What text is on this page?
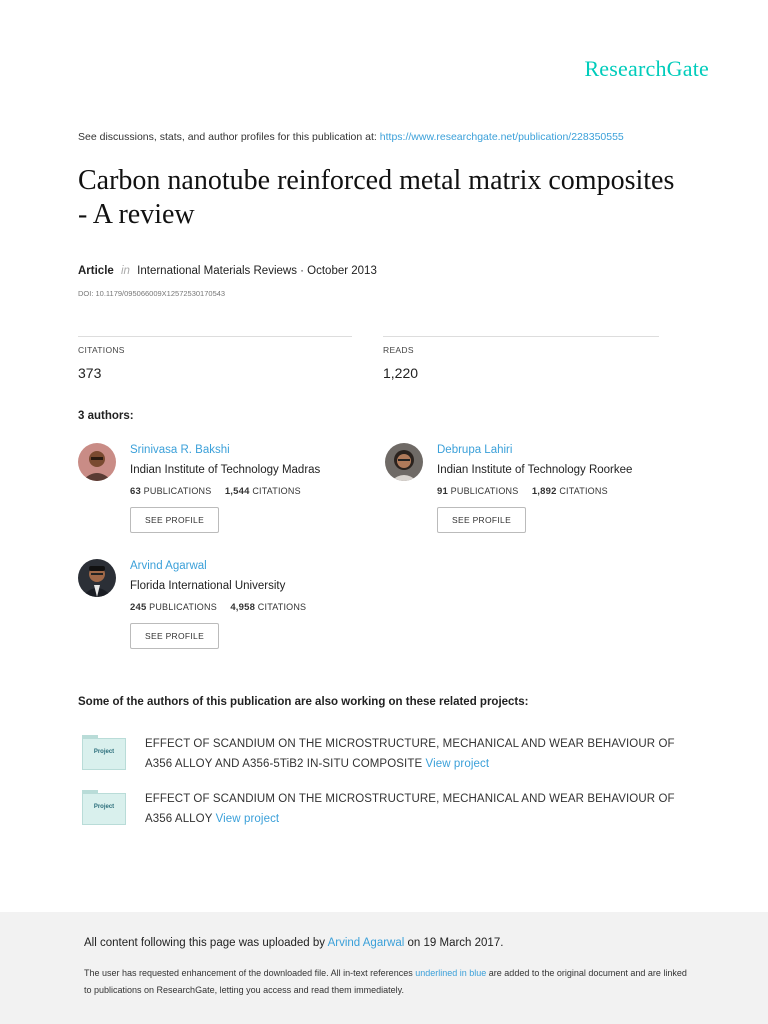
ResearchGate
See discussions, stats, and author profiles for this publication at: https://www.researchgate.net/publication/228350555
Carbon nanotube reinforced metal matrix composites - A review
Article in International Materials Reviews · October 2013
DOI: 10.1179/095066009X12572530170543
CITATIONS
373
READS
1,220
3 authors:
Srinivasa R. Bakshi
Indian Institute of Technology Madras
63 PUBLICATIONS 1,544 CITATIONS
SEE PROFILE
Debrupa Lahiri
Indian Institute of Technology Roorkee
91 PUBLICATIONS 1,892 CITATIONS
SEE PROFILE
Arvind Agarwal
Florida International University
245 PUBLICATIONS 4,958 CITATIONS
SEE PROFILE
Some of the authors of this publication are also working on these related projects:
Project
EFFECT OF SCANDIUM ON THE MICROSTRUCTURE, MECHANICAL AND WEAR BEHAVIOUR OF A356 ALLOY AND A356-5TiB2 IN-SITU COMPOSITE View project
Project
EFFECT OF SCANDIUM ON THE MICROSTRUCTURE, MECHANICAL AND WEAR BEHAVIOUR OF A356 ALLOY View project
All content following this page was uploaded by Arvind Agarwal on 19 March 2017.
The user has requested enhancement of the downloaded file. All in-text references underlined in blue are added to the original document and are linked to publications on ResearchGate, letting you access and read them immediately.
